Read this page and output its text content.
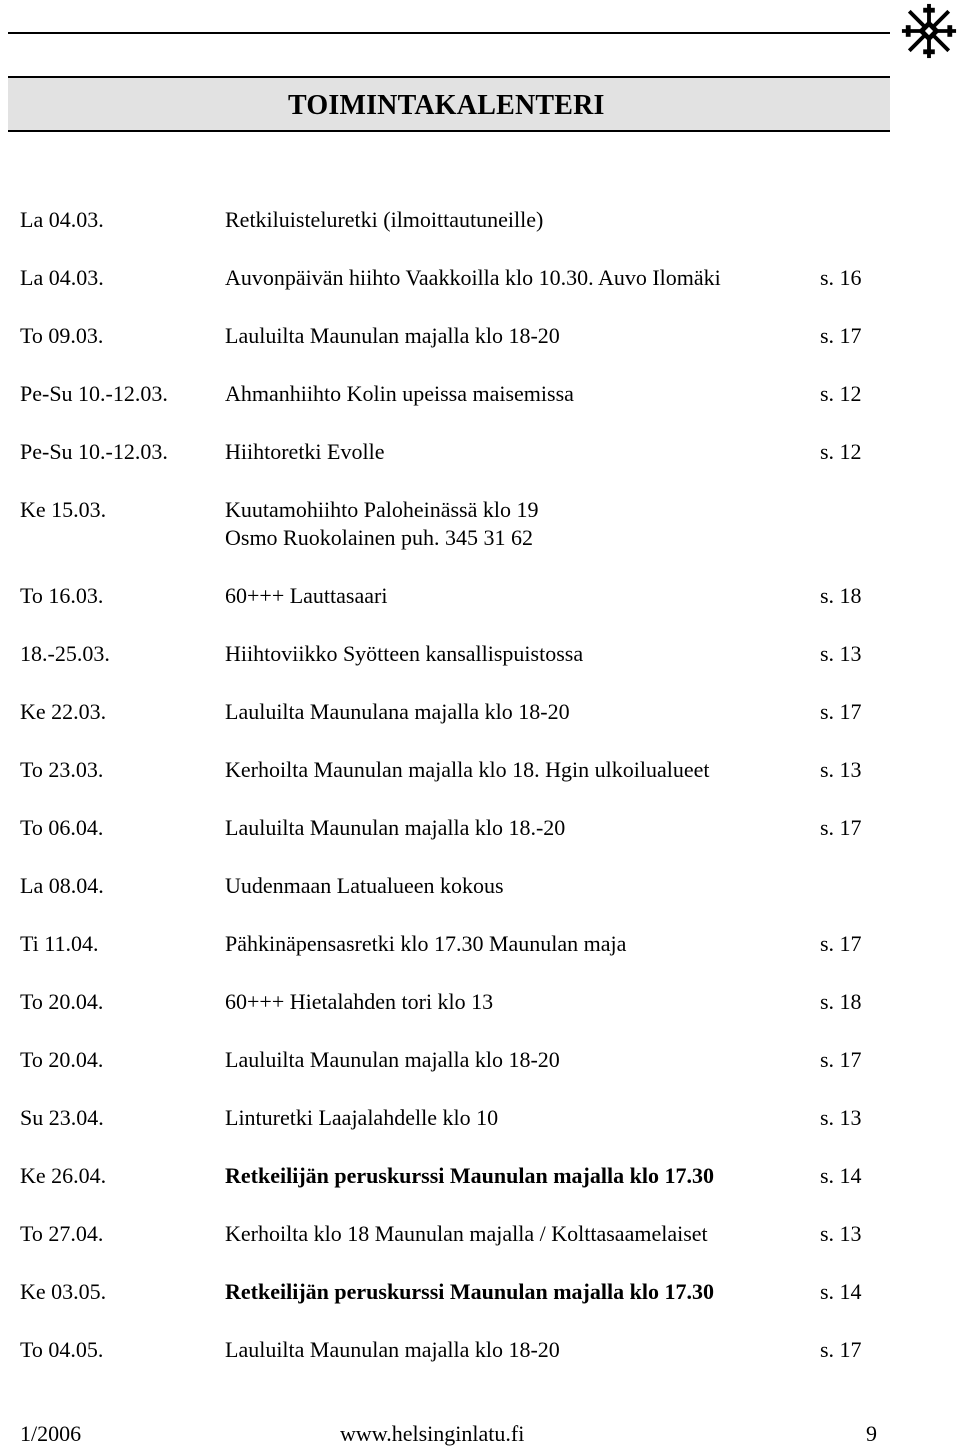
TOIMINTAKALENTERI
La 04.03.	Retkiluisteluretki (ilmoittautuneille)
La 04.03.	Auvonpäivän hiihto Vaakkoilla klo 10.30. Auvo Ilomäki	s. 16
To 09.03.	Lauluilta Maunulan majalla klo 18-20	s. 17
Pe-Su 10.-12.03.	Ahmanhiihto Kolin upeissa maisemissa	s. 12
Pe-Su 10.-12.03.	Hiihtoretki Evolle	s. 12
Ke 15.03.	Kuutamohiihto Paloheinässä klo 19
Osmo Ruokolainen puh. 345 31 62
To 16.03.	60+++ Lauttasaari	s. 18
18.-25.03.	Hiihtoviikko Syötteen kansallispuistossa	s. 13
Ke 22.03.	Lauluilta Maunulana majalla klo 18-20	s. 17
To 23.03.	Kerhoilta Maunulan majalla klo 18. Hgin ulkoilualueet	s. 13
To 06.04.	Lauluilta Maunulan majalla klo 18.-20	s. 17
La 08.04.	Uudenmaan Latualueen kokous
Ti 11.04.	Pähkinäpensasretki klo 17.30 Maunulan maja	s. 17
To 20.04.	60+++ Hietalahden tori klo 13	s. 18
To 20.04.	Lauluilta Maunulan majalla klo 18-20	s. 17
Su 23.04.	Linturetki Laajalahdelle klo 10	s. 13
Ke 26.04.	Retkeilijän peruskurssi Maunulan majalla klo 17.30	s. 14
To 27.04.	Kerhoilta klo 18 Maunulan majalla / Kolttasaamelaiset	s. 13
Ke 03.05.	Retkeilijän peruskurssi Maunulan majalla klo 17.30	s. 14
To 04.05.	Lauluilta Maunulan majalla klo 18-20	s. 17
1/2006	www.helsinginlatu.fi	9
